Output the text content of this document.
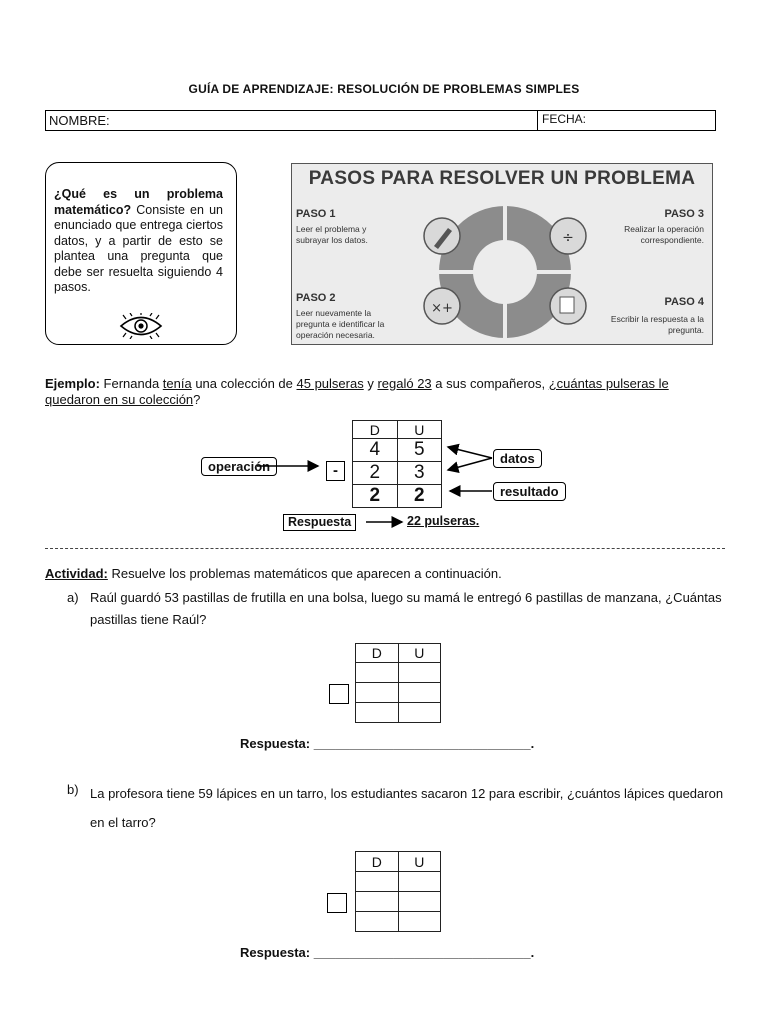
GUÍA DE APRENDIZAJE: RESOLUCIÓN DE PROBLEMAS SIMPLES
NOMBRE:	FECHA:
¿Qué es un problema matemático? Consiste en un enunciado que entrega ciertos datos, y a partir de esto se plantea una pregunta que debe ser resuelta siguiendo 4 pasos.
PASOS PARA RESOLVER UN PROBLEMA
÷
×+
PASO 1
Leer el problema y subrayar los datos.
PASO 2
Leer nuevamente la pregunta e identificar la operación necesaria.
PASO 3
Realizar la operación correspondiente.
PASO 4
Escribir la respuesta a la pregunta.
Ejemplo: Fernanda tenía una colección de 45 pulseras y regaló 23 a sus compañeros, ¿cuántas pulseras le quedaron en su colección?
D	U
4	5
2	3
2	2
operación	-
datos
resultado
Respuesta	22 pulseras.
Actividad: Resuelve los problemas matemáticos que aparecen a continuación.
a) Raúl guardó 53 pastillas de frutilla en una bolsa, luego su mamá le entregó 6 pastillas de manzana, ¿Cuántas pastillas tiene Raúl?
D	U

Respuesta: ______________________________.
b) La profesora tiene 59 lápices en un tarro, los estudiantes sacaron 12 para escribir, ¿cuántos lápices quedaron en el tarro?
D	U

Respuesta: ______________________________.
